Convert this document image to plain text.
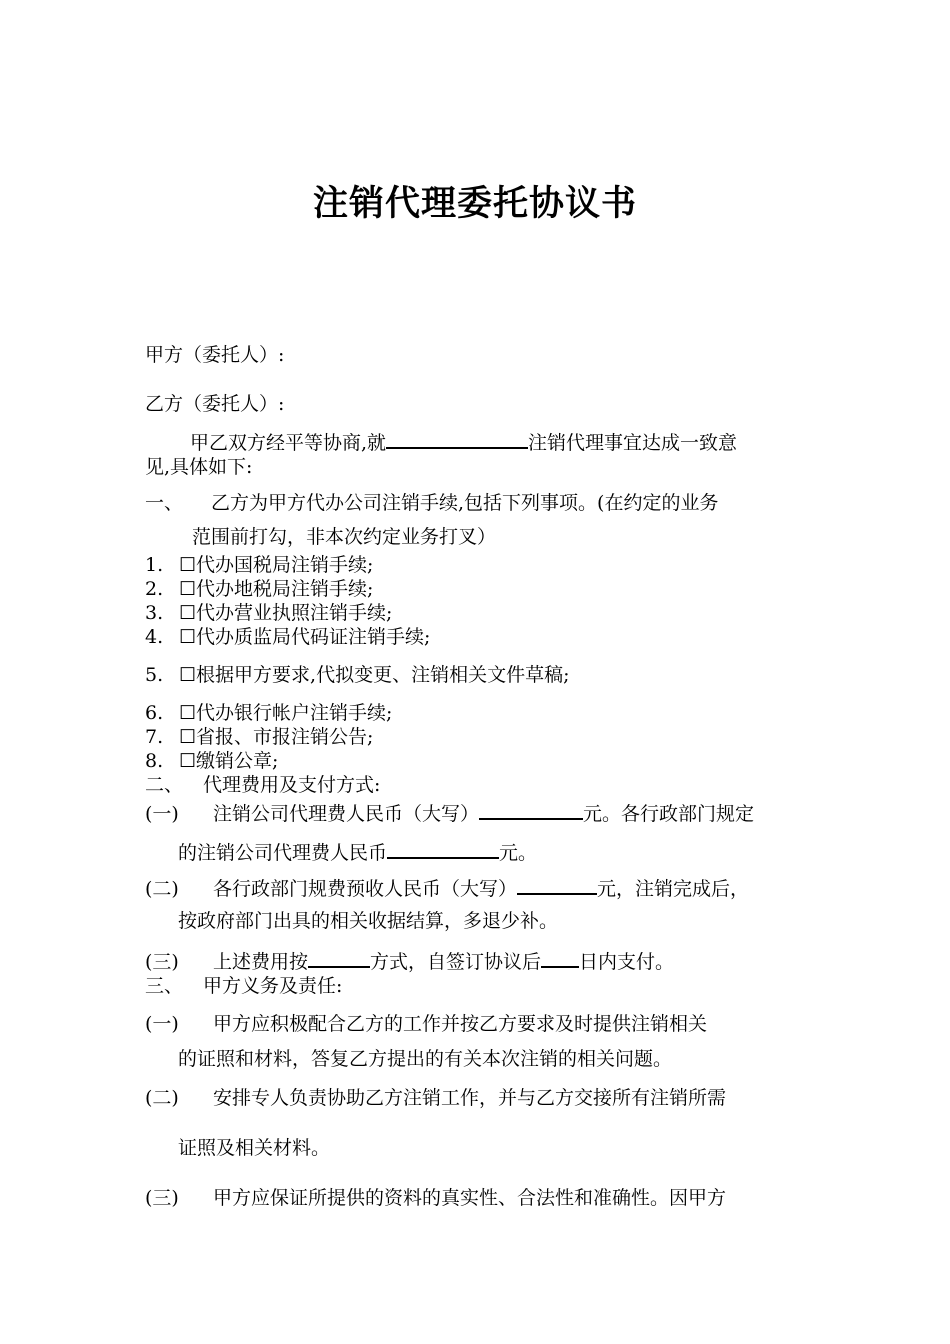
注销代理委托协议书
甲方（委托人）:
乙方（委托人）:
甲乙双方经平等协商,就	注销代理事宜达成一致意
见,具体如下:
一、 乙方为甲方代办公司注销手续,包括下列事项。(在约定的业务
范围前打勾，非本次约定业务打叉）
1. ☐代办国税局注销手续;
2. ☐代办地税局注销手续;
3. ☐代办营业执照注销手续;
4. ☐代办质监局代码证注销手续;
5. ☐根据甲方要求,代拟变更、注销相关文件草稿;
6. ☐代办银行帐户注销手续;
7. ☐省报、市报注销公告;
8. ☐缴销公章;
二、 代理费用及支付方式:
(一) 注销公司代理费人民币（大写）	元。各行政部门规定
的注销公司代理费人民币	元。
(二) 各行政部门规费预收人民币（大写）	元，注销完成后，
按政府部门出具的相关收据结算，多退少补。
(三) 上述费用按	方式，自签订协议后 日内支付。
三、 甲方义务及责任:
(一) 甲方应积极配合乙方的工作并按乙方要求及时提供注销相关
的证照和材料，答复乙方提出的有关本次注销的相关问题。
(二) 安排专人负责协助乙方注销工作，并与乙方交接所有注销所需
证照及相关材料。
(三) 甲方应保证所提供的资料的真实性、合法性和准确性。因甲方
